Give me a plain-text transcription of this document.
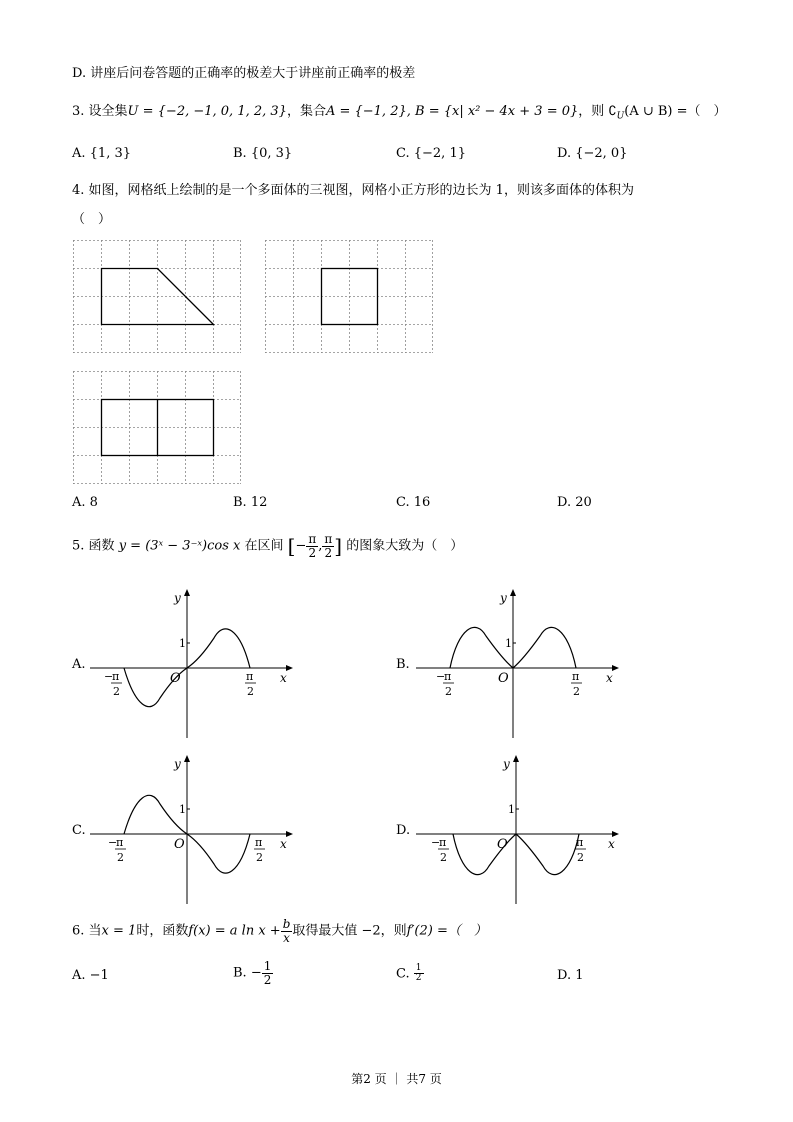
D. 讲座后问卷答题的正确率的极差大于讲座前正确率的极差
3. 设全集U = {−2, −1, 0, 1, 2, 3}，集合A = {−1, 2}, B = {x| x² − 4x + 3 = 0}，则 $∁_U(A$ ∪ B) =（　）
A. {1, 3}	B. {0, 3}	C. {−2, 1}	D. {−2, 0}
4. 如图，网格纸上绘制的是一个多面体的三视图，网格小正方形的边长为 1，则该多面体的体积为
（　）
A. 8	B. 12	C. 16	D. 20
5. 函数 y = (3ˣ − 3⁻ˣ)cos x 在区间 [− $\frac{\pi}{2}$ , $\frac{\pi}{2}$ ] 的图象大致为（　）
A.	B.
C.	D.
y
x
O
1
−
π
2
π
2
y
x
O
1
−
π
2
π
2
y
x
O
1
−
π
2
π
2
y
x
O
1
−
π
2
π
2
6. 当x = 1时，函数f(x) = a $\ln x + \frac{b}{x}$ 取得最大值 −2，则f′(2) =（　）
A. −1	B. − $\frac{1}{2}$	C. $\frac{1}{2}$	D. 1
第2 页 ｜ 共7 页
